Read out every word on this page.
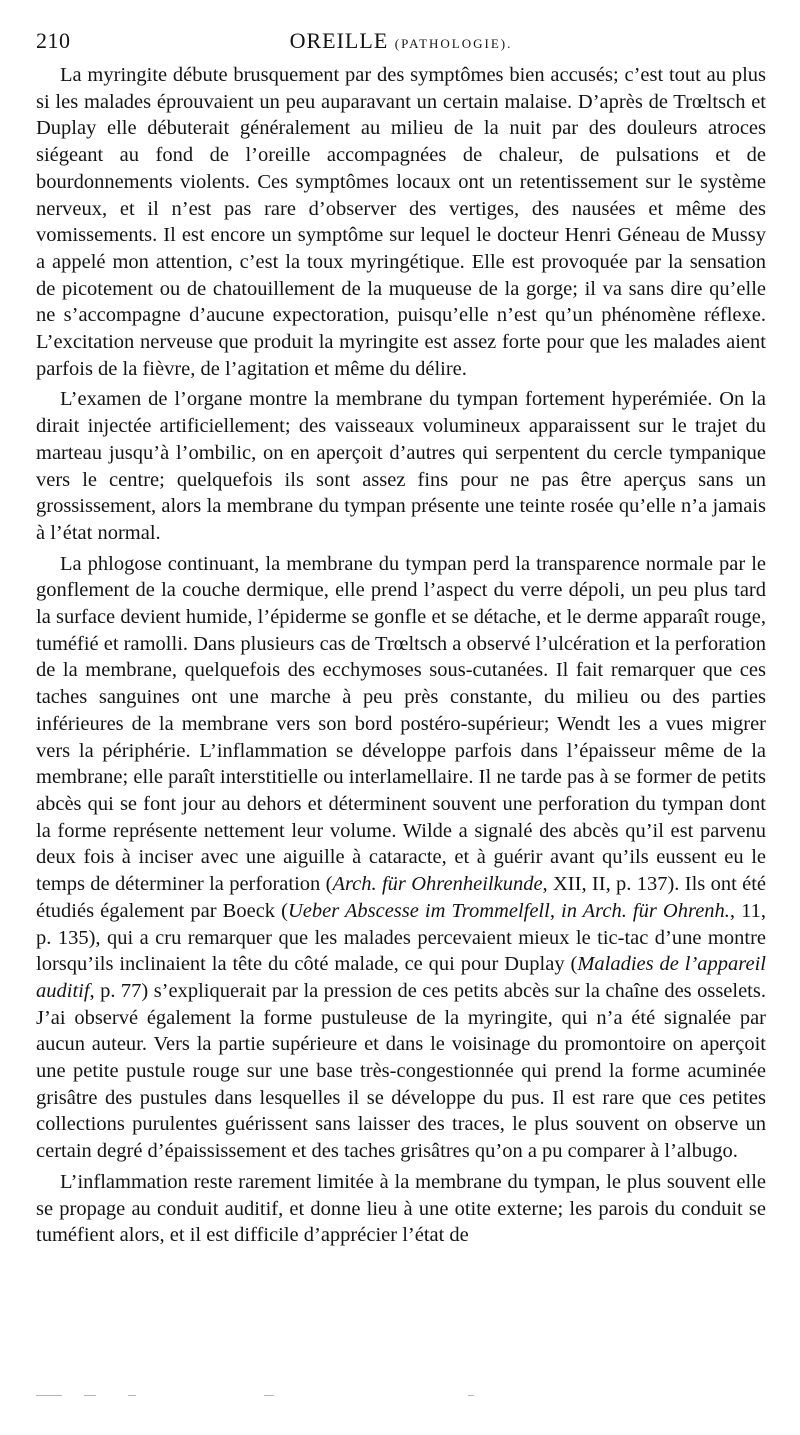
210	OREILLE (PATHOLOGIE).

La myringite débute brusquement par des symptômes bien accusés; c’est tout au plus si les malades éprouvaient un peu auparavant un certain malaise. D’après de Trœltsch et Duplay elle débuterait généralement au milieu de la nuit par des douleurs atroces siégeant au fond de l’oreille accompagnées de chaleur, de pulsations et de bourdonnements violents. Ces symptômes locaux ont un retentissement sur le système nerveux, et il n’est pas rare d’observer des vertiges, des nausées et même des vomissements. Il est encore un symptôme sur lequel le docteur Henri Géneau de Mussy a appelé mon attention, c’est la toux myringétique. Elle est provoquée par la sensation de picotement ou de chatouillement de la muqueuse de la gorge; il va sans dire qu’elle ne s’accompagne d’aucune expectoration, puisqu’elle n’est qu’un phénomène réflexe. L’excitation nerveuse que produit la myringite est assez forte pour que les malades aient parfois de la fièvre, de l’agitation et même du délire.

L’examen de l’organe montre la membrane du tympan fortement hyperémiée. On la dirait injectée artificiellement; des vaisseaux volumineux apparaissent sur le trajet du marteau jusqu’à l’ombilic, on en aperçoit d’autres qui serpentent du cercle tympanique vers le centre; quelquefois ils sont assez fins pour ne pas être aperçus sans un grossissement, alors la membrane du tympan présente une teinte rosée qu’elle n’a jamais à l’état normal.

La phlogose continuant, la membrane du tympan perd la transparence normale par le gonflement de la couche dermique, elle prend l’aspect du verre dépoli, un peu plus tard la surface devient humide, l’épiderme se gonfle et se détache, et le derme apparaît rouge, tuméfié et ramolli. Dans plusieurs cas de Trœltsch a observé l’ulcération et la perforation de la membrane, quelquefois des ecchymoses sous-cutanées. Il fait remarquer que ces taches sanguines ont une marche à peu près constante, du milieu ou des parties inférieures de la membrane vers son bord postéro-supérieur; Wendt les a vues migrer vers la périphérie. L’inflammation se développe parfois dans l’épaisseur même de la membrane; elle paraît interstitielle ou interlamellaire. Il ne tarde pas à se former de petits abcès qui se font jour au dehors et déterminent souvent une perforation du tympan dont la forme représente nettement leur volume. Wilde a signalé des abcès qu’il est parvenu deux fois à inciser avec une aiguille à cataracte, et à guérir avant qu’ils eussent eu le temps de déterminer la perforation (Arch. für Ohrenheilkunde, XII, II, p. 137). Ils ont été étudiés également par Boeck (Ueber Abscesse im Trommelfell, in Arch. für Ohrenh., 11, p. 135), qui a cru remarquer que les malades percevaient mieux le tic-tac d’une montre lorsqu’ils inclinaient la tête du côté malade, ce qui pour Duplay (Maladies de l’appareil auditif, p. 77) s’expliquerait par la pression de ces petits abcès sur la chaîne des osselets. J’ai observé également la forme pustuleuse de la myringite, qui n’a été signalée par aucun auteur. Vers la partie supérieure et dans le voisinage du promontoire on aperçoit une petite pustule rouge sur une base très-congestionnée qui prend la forme acuminée grisâtre des pustules dans lesquelles il se développe du pus. Il est rare que ces petites collections purulentes guérissent sans laisser des traces, le plus souvent on observe un certain degré d’épaississement et des taches grisâtres qu’on a pu comparer à l’albugo.

L’inflammation reste rarement limitée à la membrane du tympan, le plus souvent elle se propage au conduit auditif, et donne lieu à une otite externe; les parois du conduit se tuméfient alors, et il est difficile d’apprécier l’état de
